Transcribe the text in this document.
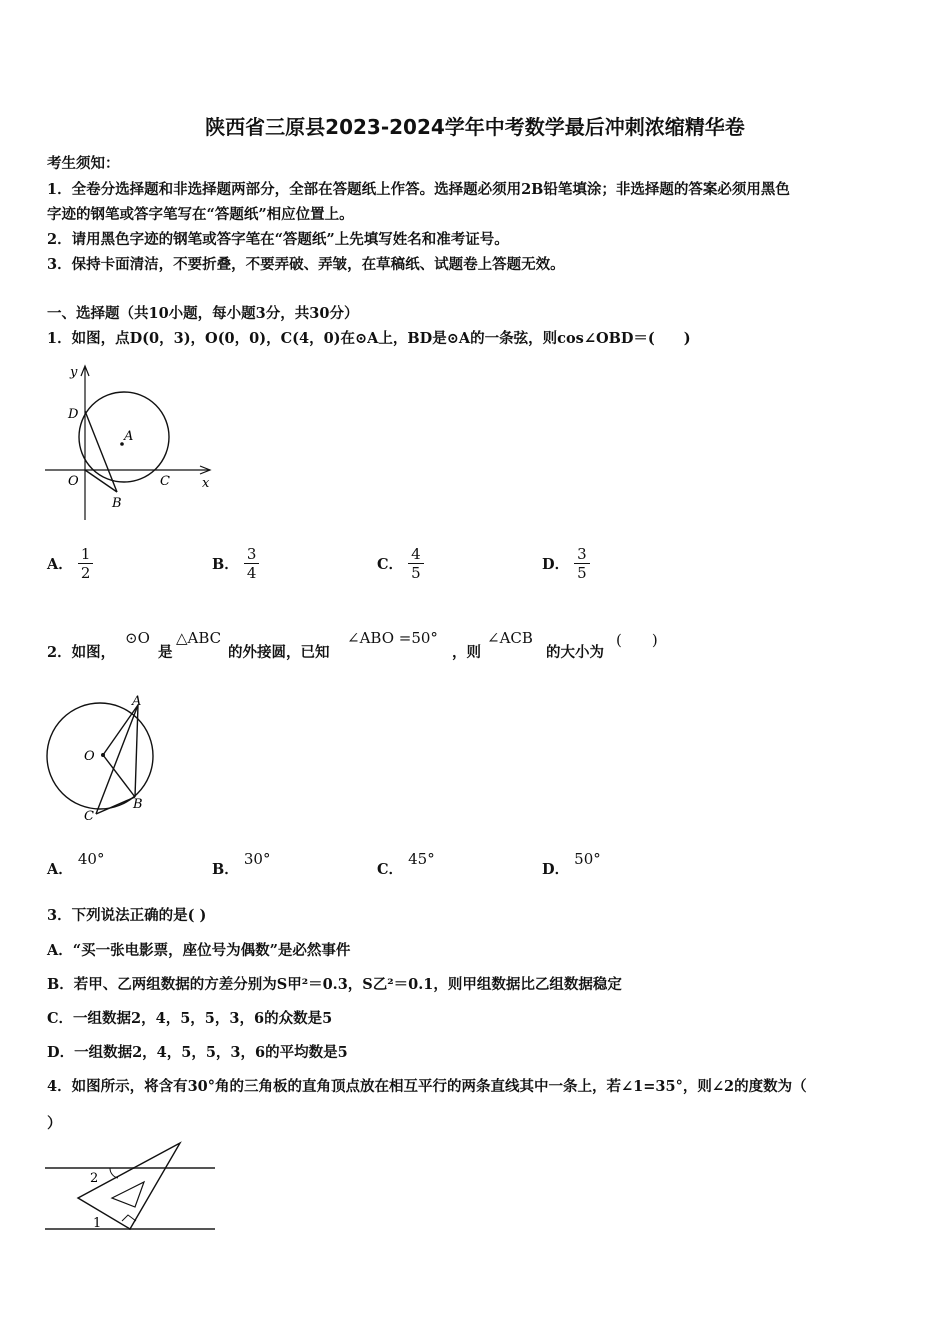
陕西省三原县2023-2024学年中考数学最后冲刺浓缩精华卷
考生须知：
1．全卷分选择题和非选择题两部分，全部在答题纸上作答。选择题必须用2B铅笔填涂；非选择题的答案必须用黑色
字迹的钢笔或答字笔写在“答题纸”相应位置上。
2．请用黑色字迹的钢笔或答字笔在“答题纸”上先填写姓名和准考证号。
3．保持卡面清洁，不要折叠，不要弄破、弄皱，在草稿纸、试题卷上答题无效。
一、选择题（共10小题，每小题3分，共30分）
1．如图，点D(0，3)，O(0，0)，C(4，0)在⊙A上，BD是⊙A的一条弦，则cos∠OBD＝(　　)
y
x
D
A
O
B
C
A． $\frac{1}{2}$	B． $\frac{3}{4}$	C． $\frac{4}{5}$	D． $\frac{3}{5}$
2．如图，
⊙O
是
△ABC
的外接圆，已知
∠ABO =50°
，则
∠ACB
的大小为
(　　)
A
O
B
C
A． 40°
B． 30°
C． 45°
D． 50°
3．下列说法正确的是( )
A．“买一张电影票，座位号为偶数”是必然事件
B．若甲、乙两组数据的方差分别为S甲²＝0.3，S乙²＝0.1，则甲组数据比乙组数据稳定
C．一组数据2，4，5，5，3，6的众数是5
D．一组数据2，4，5，5，3，6的平均数是5
4．如图所示，将含有30°角的三角板的直角顶点放在相互平行的两条直线其中一条上，若∠1=35°，则∠2的度数为（
）
2
1
